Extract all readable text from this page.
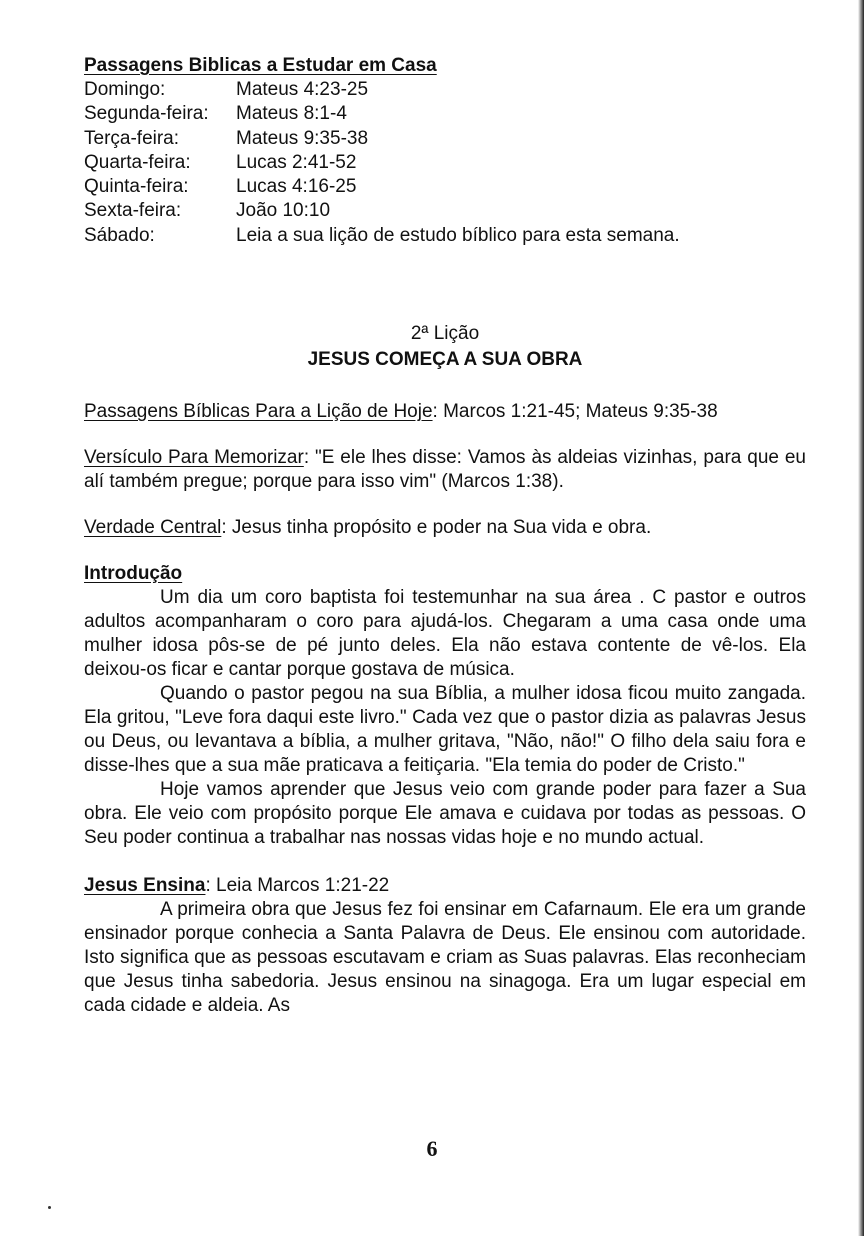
Passagens Biblicas a Estudar em Casa
Domingo:	Mateus 4:23-25
Segunda-feira:	Mateus 8:1-4
Terça-feira:	Mateus 9:35-38
Quarta-feira:	Lucas 2:41-52
Quinta-feira:	Lucas 4:16-25
Sexta-feira:	João 10:10
Sábado:	Leia a sua lição de estudo bíblico para esta semana.
2ª Lição
JESUS COMEÇA A SUA OBRA
Passagens Bíblicas Para a Lição de Hoje: Marcos 1:21-45; Mateus 9:35-38
Versículo Para Memorizar: "E ele lhes disse: Vamos às aldeias vizinhas, para que eu alí também pregue; porque para isso vim" (Marcos 1:38).
Verdade Central: Jesus tinha propósito e poder na Sua vida e obra.
Introdução
Um dia um coro baptista foi testemunhar na sua área . C pastor e outros adultos acompanharam o coro para ajudá-los. Chegaram a uma casa onde uma mulher idosa pôs-se de pé junto deles. Ela não estava contente de vê-los. Ela deixou-os ficar e cantar porque gostava de música.
Quando o pastor pegou na sua Bíblia, a mulher idosa ficou muito zangada. Ela gritou, "Leve fora daqui este livro." Cada vez que o pastor dizia as palavras Jesus ou Deus, ou levantava a bíblia, a mulher gritava, "Não, não!" O filho dela saiu fora e disse-lhes que a sua mãe praticava a feitiçaria. "Ela temia do poder de Cristo."
Hoje vamos aprender que Jesus veio com grande poder para fazer a Sua obra. Ele veio com propósito porque Ele amava e cuidava por todas as pessoas. O Seu poder continua a trabalhar nas nossas vidas hoje e no mundo actual.
Jesus Ensina: Leia Marcos 1:21-22
A primeira obra que Jesus fez foi ensinar em Cafarnaum. Ele era um grande ensinador porque conhecia a Santa Palavra de Deus. Ele ensinou com autoridade. Isto significa que as pessoas escutavam e criam as Suas palavras. Elas reconheciam que Jesus tinha sabedoria. Jesus ensinou na sinagoga. Era um lugar especial em cada cidade e aldeia. As
6
